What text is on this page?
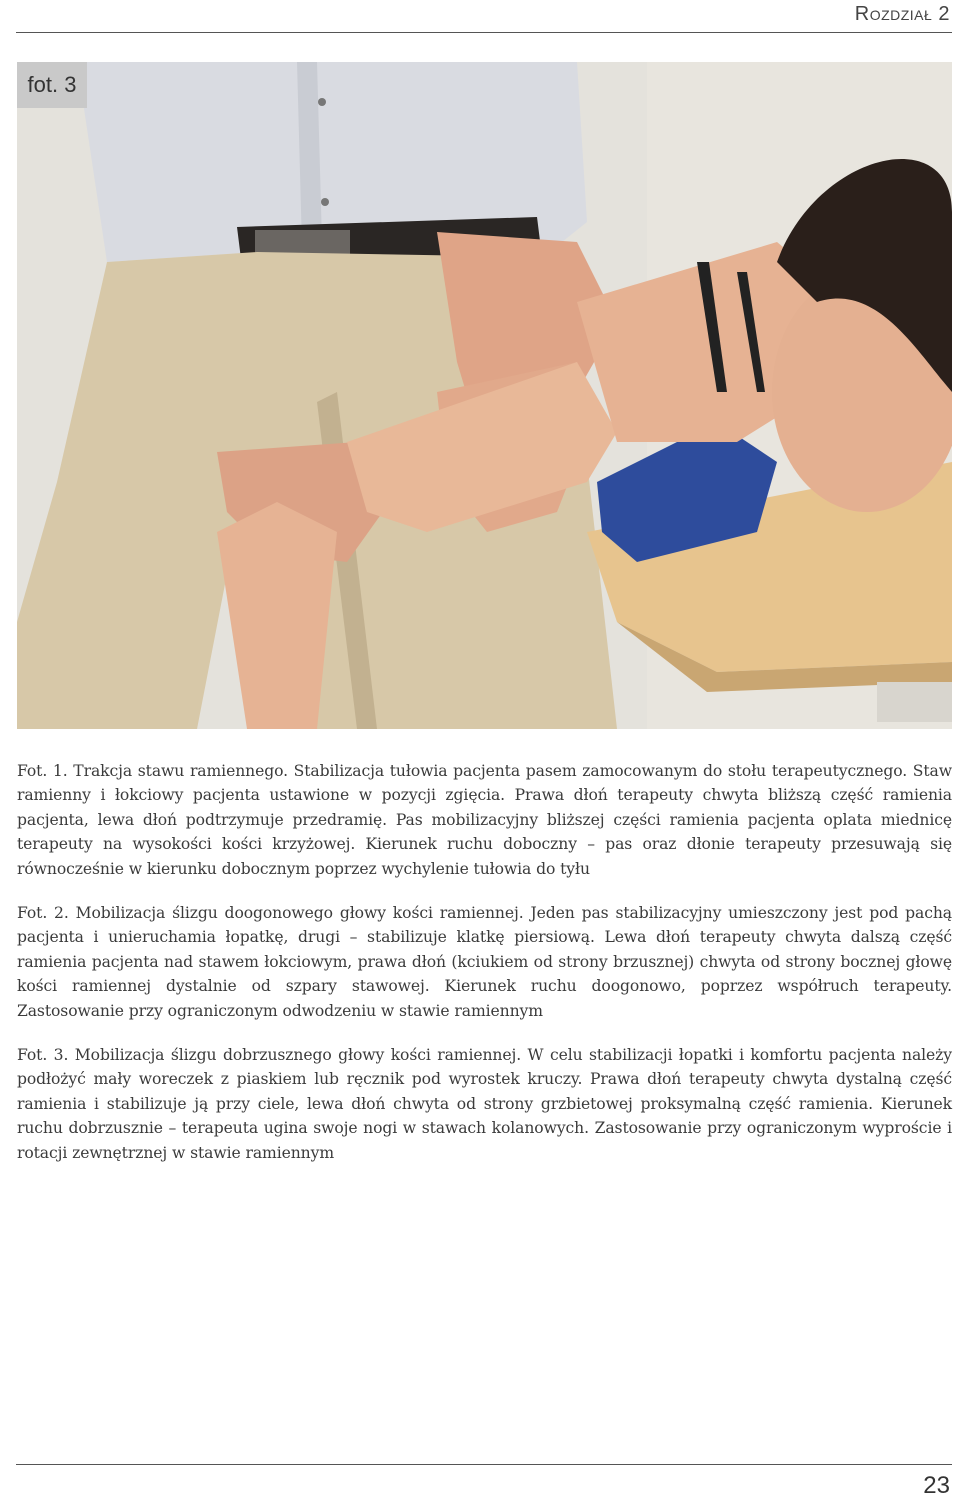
Rozdział 2
fot. 3

Fot. 1. Trakcja stawu ramiennego. Stabilizacja tułowia pacjenta pasem zamocowanym do stołu terapeutycznego. Staw ramienny i łokciowy pacjenta ustawione w pozycji zgięcia. Prawa dłoń terapeuty chwyta bliższą część ramienia pacjenta, lewa dłoń podtrzymuje przedramię. Pas mobilizacyjny bliższej części ramienia pacjenta oplata miednicę terapeuty na wysokości kości krzyżowej. Kierunek ruchu doboczny – pas oraz dłonie terapeuty przesuwają się równocześnie w kierunku dobocznym poprzez wychylenie tułowia do tyłu

Fot. 2. Mobilizacja ślizgu doogonowego głowy kości ramiennej. Jeden pas stabilizacyjny umieszczony jest pod pachą pacjenta i unieruchamia łopatkę, drugi – stabilizuje klatkę piersiową. Lewa dłoń terapeuty chwyta dalszą część ramienia pacjenta nad stawem łokciowym, prawa dłoń (kciukiem od strony brzusznej) chwyta od strony bocznej głowę kości ramiennej dystalnie od szpary stawowej. Kierunek ruchu doogonowo, poprzez współruch terapeuty. Zastosowanie przy ograniczonym odwodzeniu w stawie ramiennym

Fot. 3. Mobilizacja ślizgu dobrzusznego głowy kości ramiennej. W celu stabilizacji łopatki i komfortu pacjenta należy podłożyć mały woreczek z piaskiem lub ręcznik pod wyrostek kruczy. Prawa dłoń terapeuty chwyta dystalną część ramienia i stabilizuje ją przy ciele, lewa dłoń chwyta od strony grzbietowej proksymalną część ramienia. Kierunek ruchu dobrzusznie – terapeuta ugina swoje nogi w stawach kolanowych. Zastosowanie przy ograniczonym wyproście i rotacji zewnętrznej w stawie ramiennym

23
